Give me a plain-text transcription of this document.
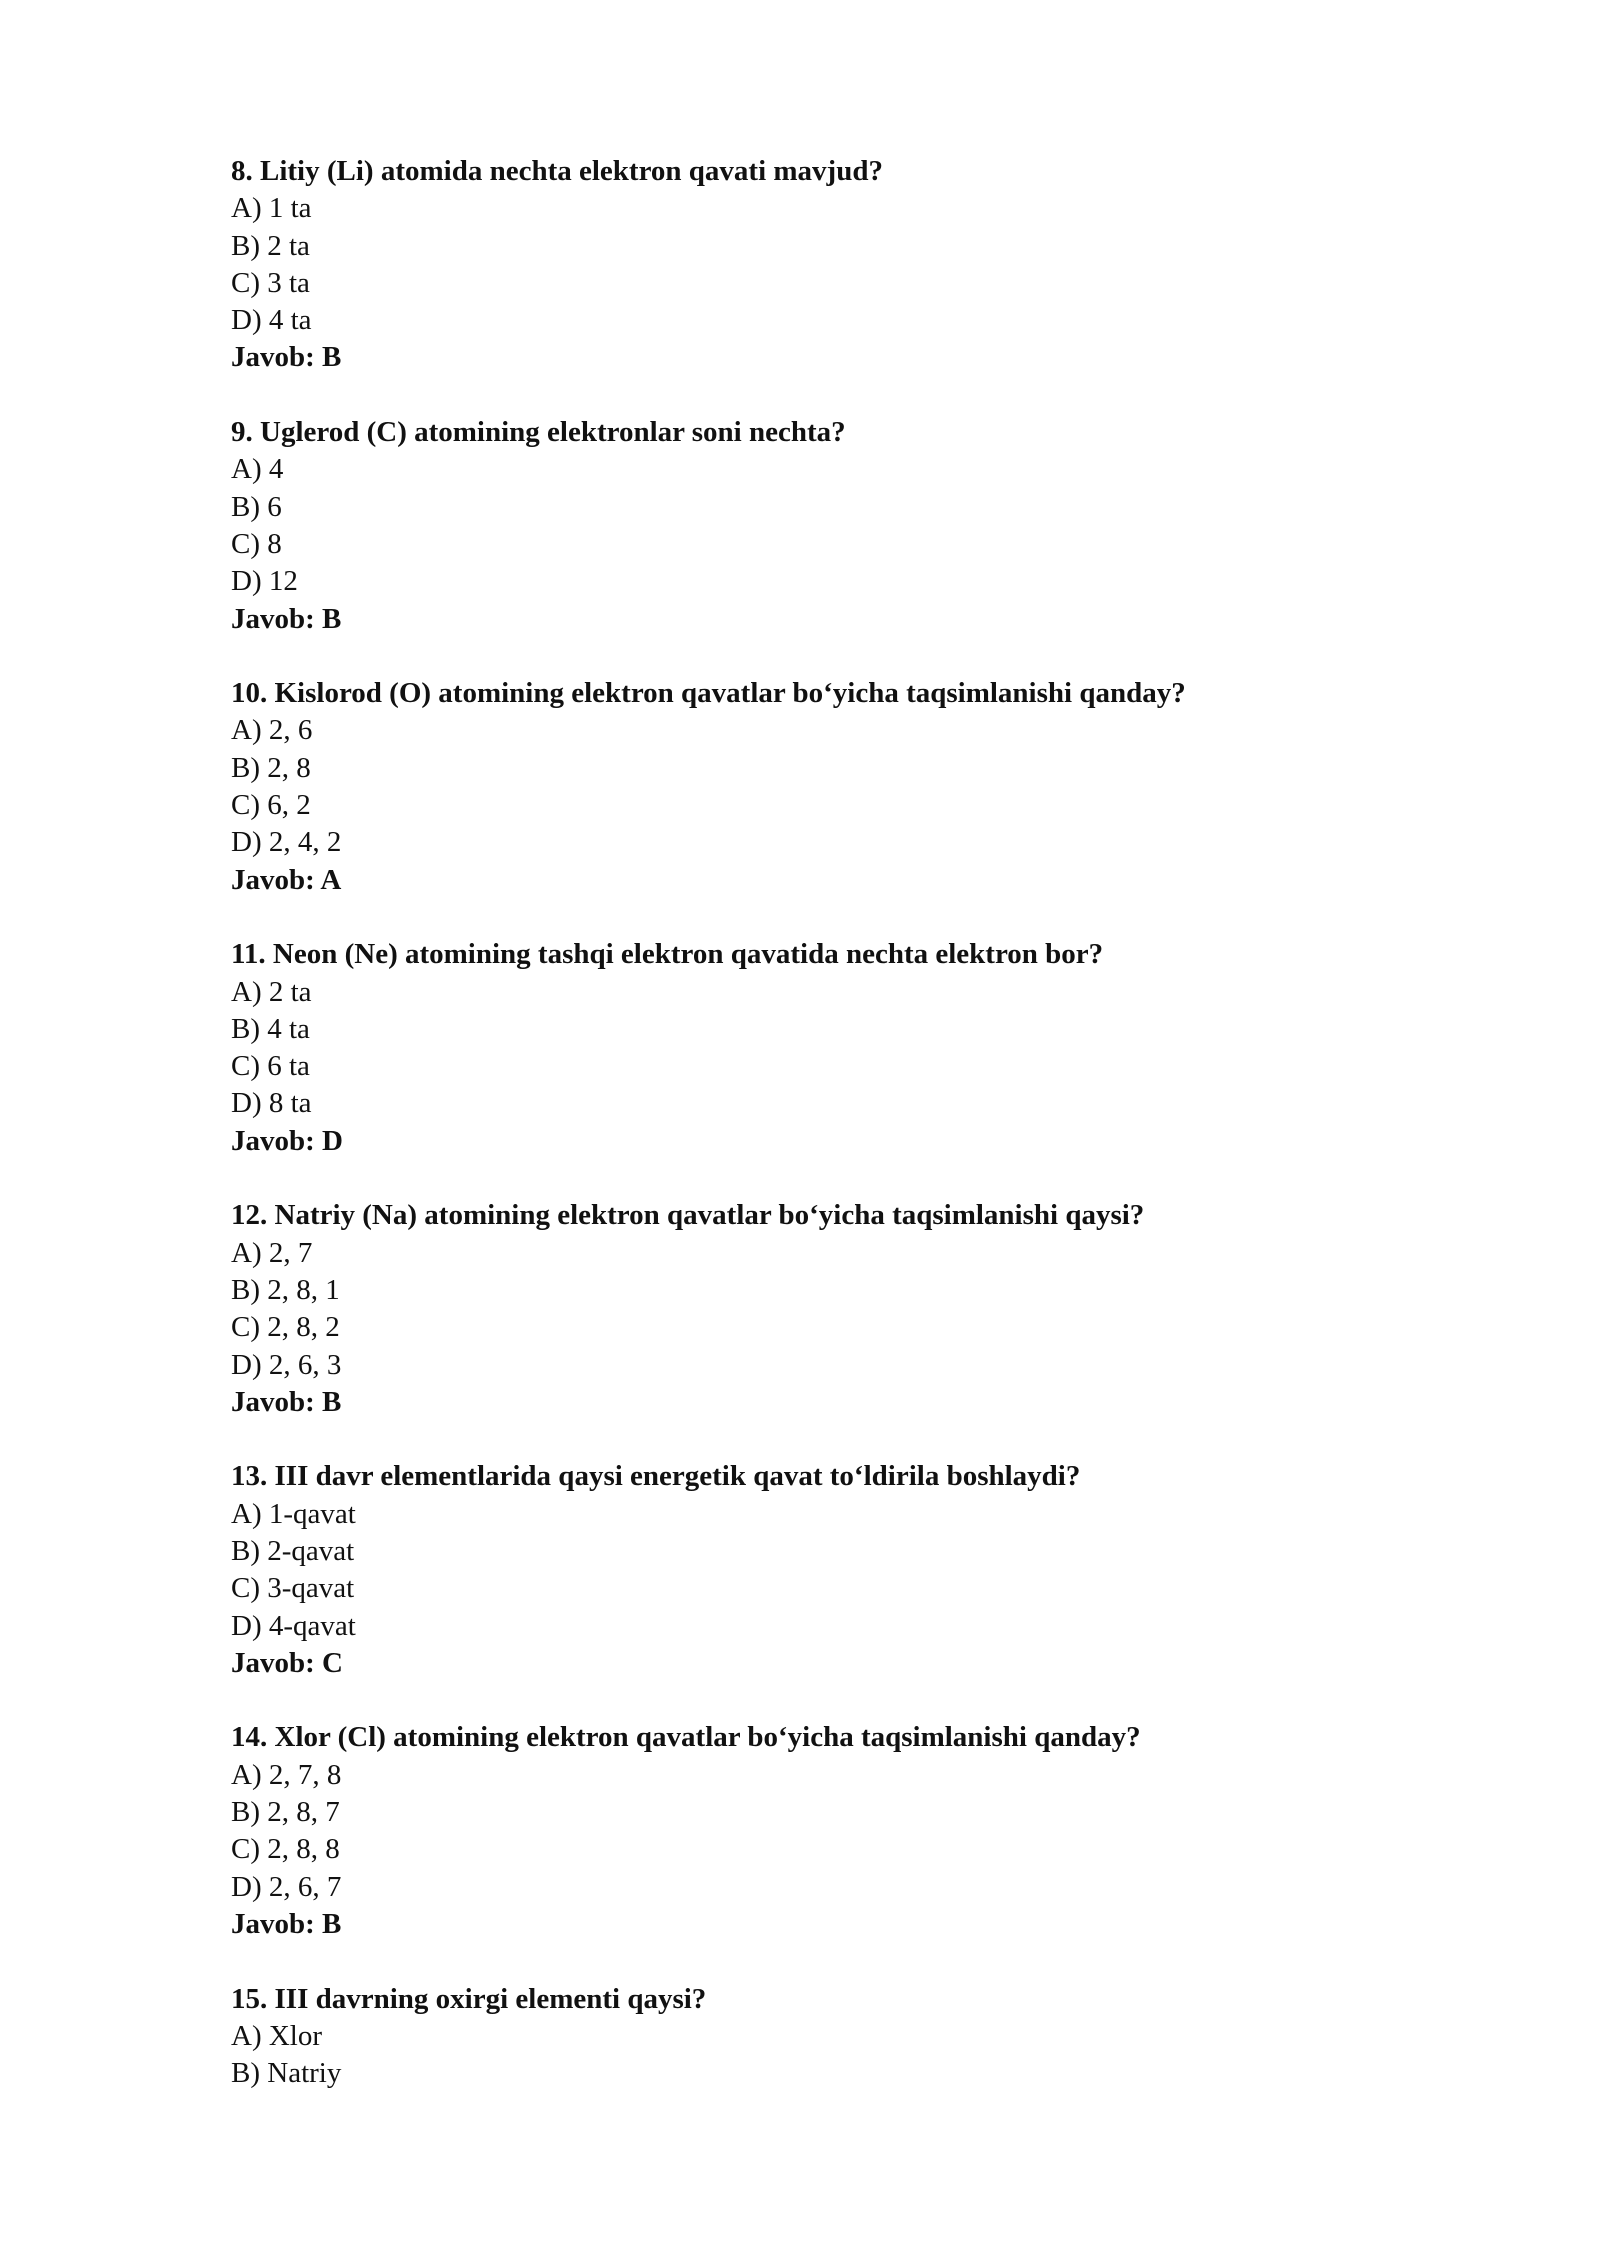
8. Litiy (Li) atomida nechta elektron qavati mavjud?
A) 1 ta
B) 2 ta
C) 3 ta
D) 4 ta
Javob: B
9. Uglerod (C) atomining elektronlar soni nechta?
A) 4
B) 6
C) 8
D) 12
Javob: B
10. Kislorod (O) atomining elektron qavatlar bo‘yicha taqsimlanishi qanday?
A) 2, 6
B) 2, 8
C) 6, 2
D) 2, 4, 2
Javob: A
11. Neon (Ne) atomining tashqi elektron qavatida nechta elektron bor?
A) 2 ta
B) 4 ta
C) 6 ta
D) 8 ta
Javob: D
12. Natriy (Na) atomining elektron qavatlar bo‘yicha taqsimlanishi qaysi?
A) 2, 7
B) 2, 8, 1
C) 2, 8, 2
D) 2, 6, 3
Javob: B
13. III davr elementlarida qaysi energetik qavat to‘ldirila boshlaydi?
A) 1-qavat
B) 2-qavat
C) 3-qavat
D) 4-qavat
Javob: C
14. Xlor (Cl) atomining elektron qavatlar bo‘yicha taqsimlanishi qanday?
A) 2, 7, 8
B) 2, 8, 7
C) 2, 8, 8
D) 2, 6, 7
Javob: B
15. III davrning oxirgi elementi qaysi?
A) Xlor
B) Natriy
